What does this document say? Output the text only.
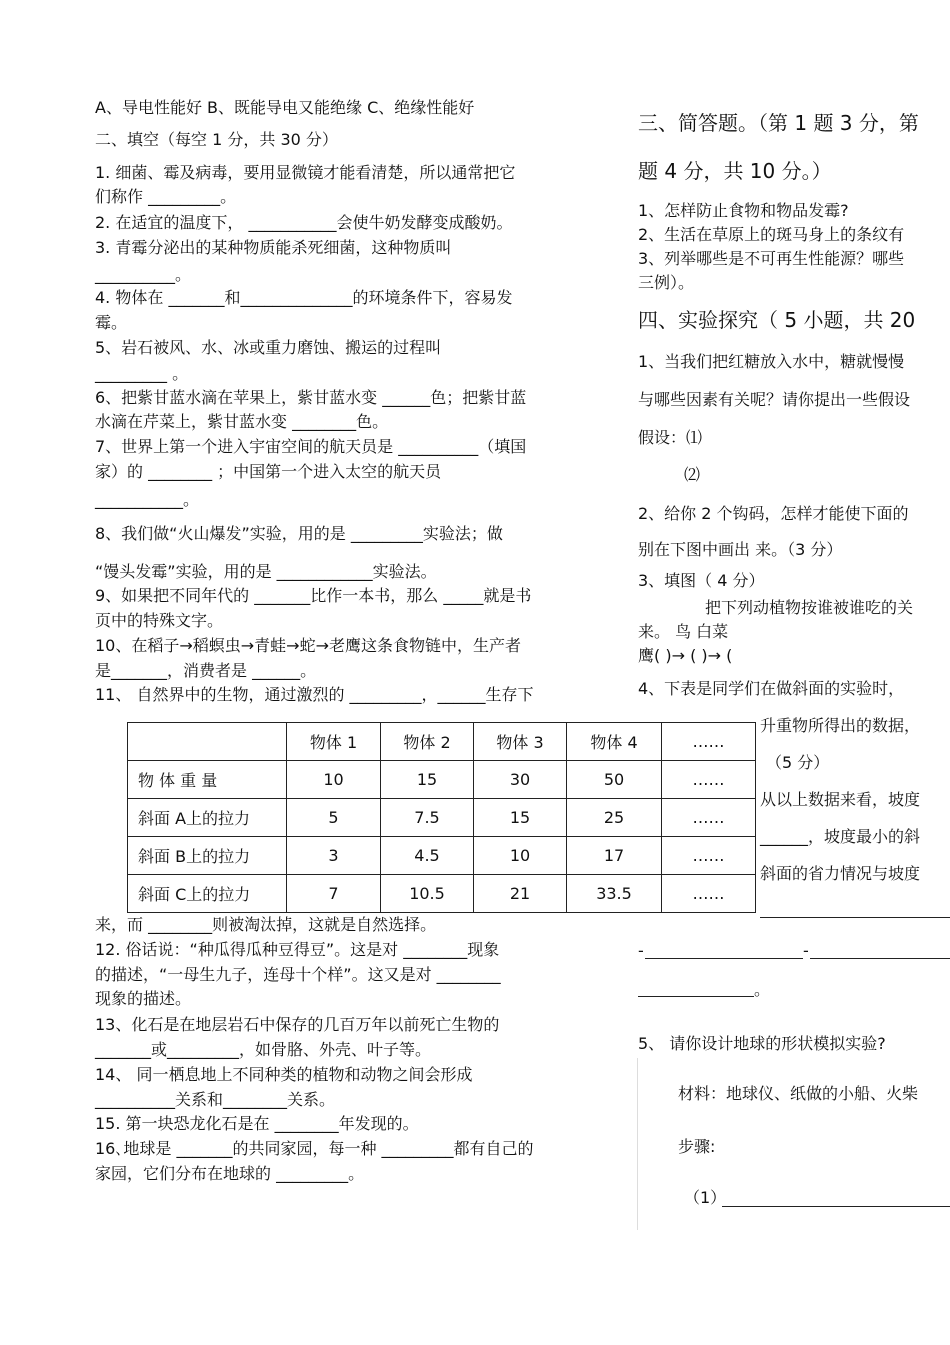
A、导电性能好 B、既能导电又能绝缘 C、绝缘性能好
二、填空（每空 1 分，共 30 分）
1. 细菌、霉及病毒，要用显微镜才能看清楚，所以通常把它
们称作 _________。
2. 在适宜的温度下， ___________会使牛奶发酵变成酸奶。
3. 青霉分泌出的某种物质能杀死细菌，这种物质叫
__________。
4. 物体在 _______和______________的环境条件下，容易发
霉。
5、岩石被风、水、冰或重力磨蚀、搬运的过程叫
_________ 。
6、把紫甘蓝水滴在苹果上，紫甘蓝水变 ______色；把紫甘蓝
水滴在芹菜上，紫甘蓝水变 ________色。
7、世界上第一个进入宇宙空间的航天员是 __________（填国
家）的 ________ ；中国第一个进入太空的航天员
___________。
8、我们做“火山爆发”实验，用的是 _________实验法；做
“馒头发霉”实验，用的是 ____________实验法。
9、如果把不同年代的 _______比作一本书，那么 _____就是书
页中的特殊文字。
10、在稻子→稻螟虫→青蛙→蛇→老鹰这条食物链中，生产者
是_______，消费者是 ______。
11、 自然界中的生物，通过激烈的 _________，______生存下
	物体 1	物体 2	物体 3	物体 4	……
物 体 重 量	10	15	30	50	……
斜面 A上的拉力	5	7.5	15	25	……
斜面 B上的拉力	3	4.5	10	17	……
斜面 C上的拉力	7	10.5	21	33.5	……
来，而 ________则被淘汰掉，这就是自然选择。
12. 俗话说：“种瓜得瓜种豆得豆”。这是对 ________现象
的描述，“一母生九子，连母十个样”。这又是对 ________
现象的描述。
13、化石是在地层岩石中保存的几百万年以前死亡生物的
_______或_________，如骨胳、外壳、叶子等。
14、 同一栖息地上不同种类的植物和动物之间会形成
__________关系和________关系。
15. 第一块恐龙化石是在 ________年发现的。
16､地球是 _______的共同家园，每一种 _________都有自己的
家园，它们分布在地球的 _________。
三、简答题。（第 1 题 3 分，第
题 4 分，共 10 分。）
1、怎样防止食物和物品发霉?
2、生活在草原上的斑马身上的条纹有
3、列举哪些是不可再生性能源？哪些
三例）。
四、实验探究（ 5 小题，共 20
1、当我们把红糖放入水中，糖就慢慢
与哪些因素有关呢？请你提出一些假设
假设：⑴
⑵
2、给你 2 个钩码，怎样才能使下面的
别在下图中画出 来。（3 分）
3、填图（ 4 分）
把下列动植物按谁被谁吃的关
来。 鸟 白菜
鹰( )→ ( )→ (
4、下表是同学们在做斜面的实验时，
升重物所得出的数据，
（5 分）
从以上数据来看，坡度
______，坡度最小的斜
斜面的省力情况与坡度
-	-
。
5、 请你设计地球的形状模拟实验?
材料：地球仪、纸做的小船、火柴
步骤:
（1）
